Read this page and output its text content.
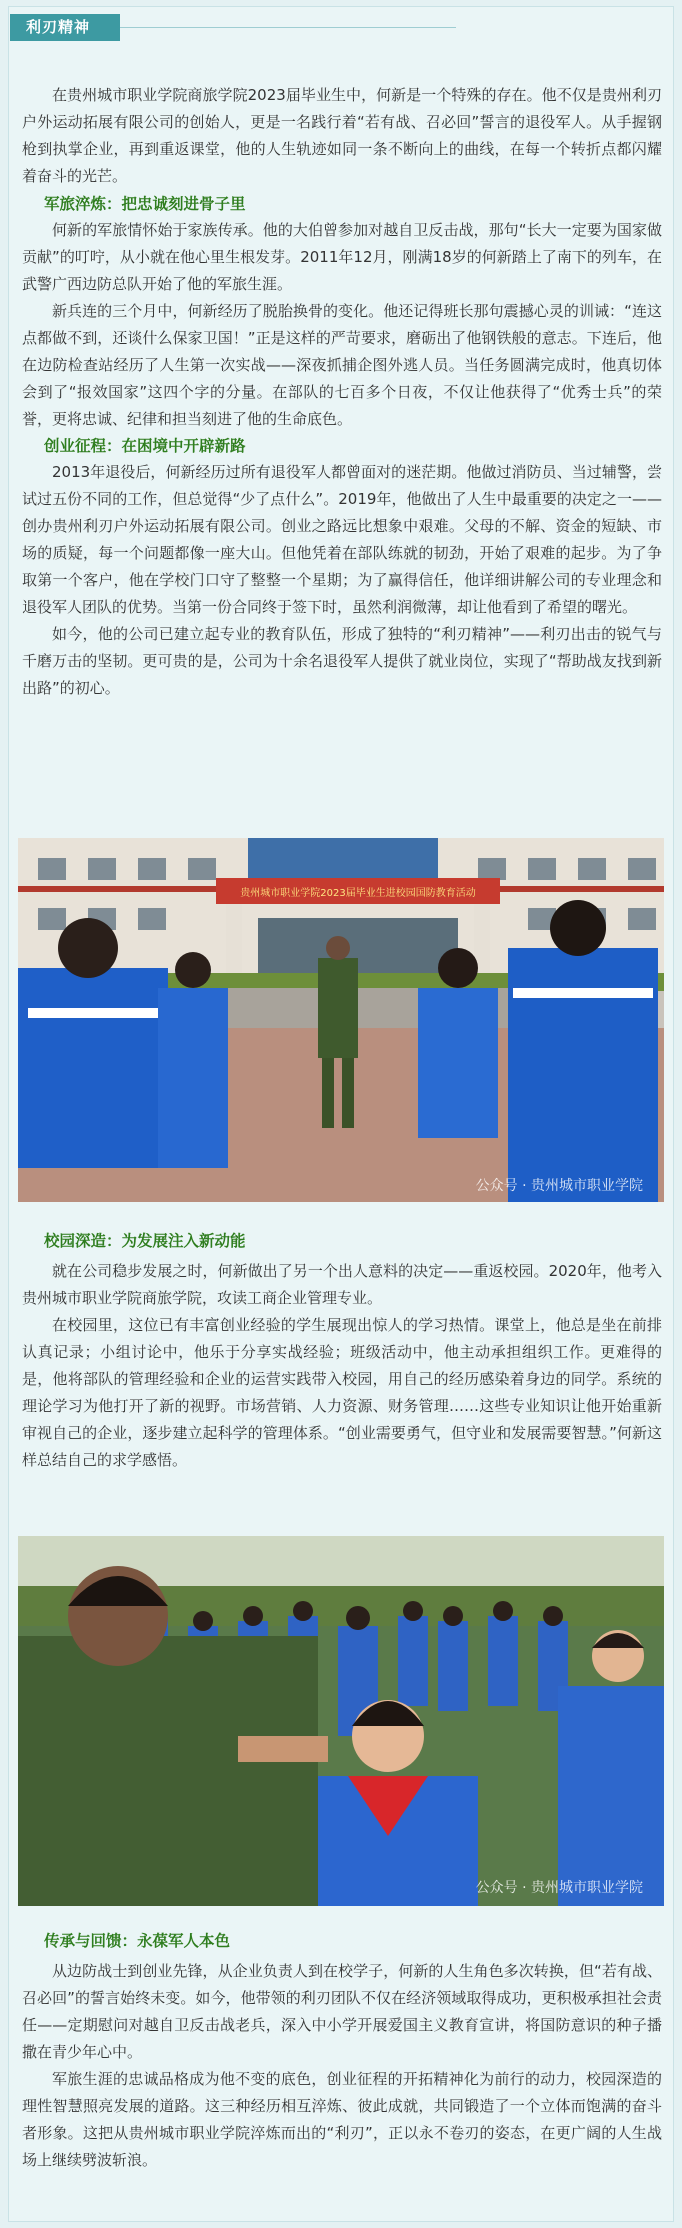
利刃精神

在贵州城市职业学院商旅学院2023届毕业生中，何新是一个特殊的存在。他不仅是贵州利刃户外运动拓展有限公司的创始人，更是一名践行着“若有战、召必回”誓言的退役军人。从手握钢枪到执掌企业，再到重返课堂，他的人生轨迹如同一条不断向上的曲线，在每一个转折点都闪耀着奋斗的光芒。

军旅淬炼：把忠诚刻进骨子里

何新的军旅情怀始于家族传承。他的大伯曾参加对越自卫反击战，那句“长大一定要为国家做贡献”的叮咛，从小就在他心里生根发芽。2011年12月，刚满18岁的何新踏上了南下的列车，在武警广西边防总队开始了他的军旅生涯。

新兵连的三个月中，何新经历了脱胎换骨的变化。他还记得班长那句震撼心灵的训诫：“连这点都做不到，还谈什么保家卫国！”正是这样的严苛要求，磨砺出了他钢铁般的意志。下连后，他在边防检查站经历了人生第一次实战——深夜抓捕企图外逃人员。当任务圆满完成时，他真切体会到了“报效国家”这四个字的分量。在部队的七百多个日夜，不仅让他获得了“优秀士兵”的荣誉，更将忠诚、纪律和担当刻进了他的生命底色。

创业征程：在困境中开辟新路

2013年退役后，何新经历过所有退役军人都曾面对的迷茫期。他做过消防员、当过辅警，尝试过五份不同的工作，但总觉得“少了点什么”。2019年，他做出了人生中最重要的决定之一——创办贵州利刃户外运动拓展有限公司。创业之路远比想象中艰难。父母的不解、资金的短缺、市场的质疑，每一个问题都像一座大山。但他凭着在部队练就的韧劲，开始了艰难的起步。为了争取第一个客户，他在学校门口守了整整一个星期；为了赢得信任，他详细讲解公司的专业理念和退役军人团队的优势。当第一份合同终于签下时，虽然利润微薄，却让他看到了希望的曙光。

如今，他的公司已建立起专业的教育队伍，形成了独特的“利刃精神”——利刃出击的锐气与千磨万击的坚韧。更可贵的是，公司为十余名退役军人提供了就业岗位，实现了“帮助战友找到新出路”的初心。

贵州城市职业学院2023届毕业生进校园国防教育活动
公众号 · 贵州城市职业学院
校园深造：为发展注入新动能

就在公司稳步发展之时，何新做出了另一个出人意料的决定——重返校园。2020年，他考入贵州城市职业学院商旅学院，攻读工商企业管理专业。

在校园里，这位已有丰富创业经验的学生展现出惊人的学习热情。课堂上，他总是坐在前排认真记录；小组讨论中，他乐于分享实战经验；班级活动中，他主动承担组织工作。更难得的是，他将部队的管理经验和企业的运营实践带入校园，用自己的经历感染着身边的同学。系统的理论学习为他打开了新的视野。市场营销、人力资源、财务管理……这些专业知识让他开始重新审视自己的企业，逐步建立起科学的管理体系。“创业需要勇气，但守业和发展需要智慧。”何新这样总结自己的求学感悟。

公众号 · 贵州城市职业学院
传承与回馈：永葆军人本色

从边防战士到创业先锋，从企业负责人到在校学子，何新的人生角色多次转换，但“若有战、召必回”的誓言始终未变。如今，他带领的利刃团队不仅在经济领域取得成功，更积极承担社会责任——定期慰问对越自卫反击战老兵，深入中小学开展爱国主义教育宣讲，将国防意识的种子播撒在青少年心中。

军旅生涯的忠诚品格成为他不变的底色，创业征程的开拓精神化为前行的动力，校园深造的理性智慧照亮发展的道路。这三种经历相互淬炼、彼此成就，共同锻造了一个立体而饱满的奋斗者形象。这把从贵州城市职业学院淬炼而出的“利刃”，正以永不卷刃的姿态，在更广阔的人生战场上继续劈波斩浪。
